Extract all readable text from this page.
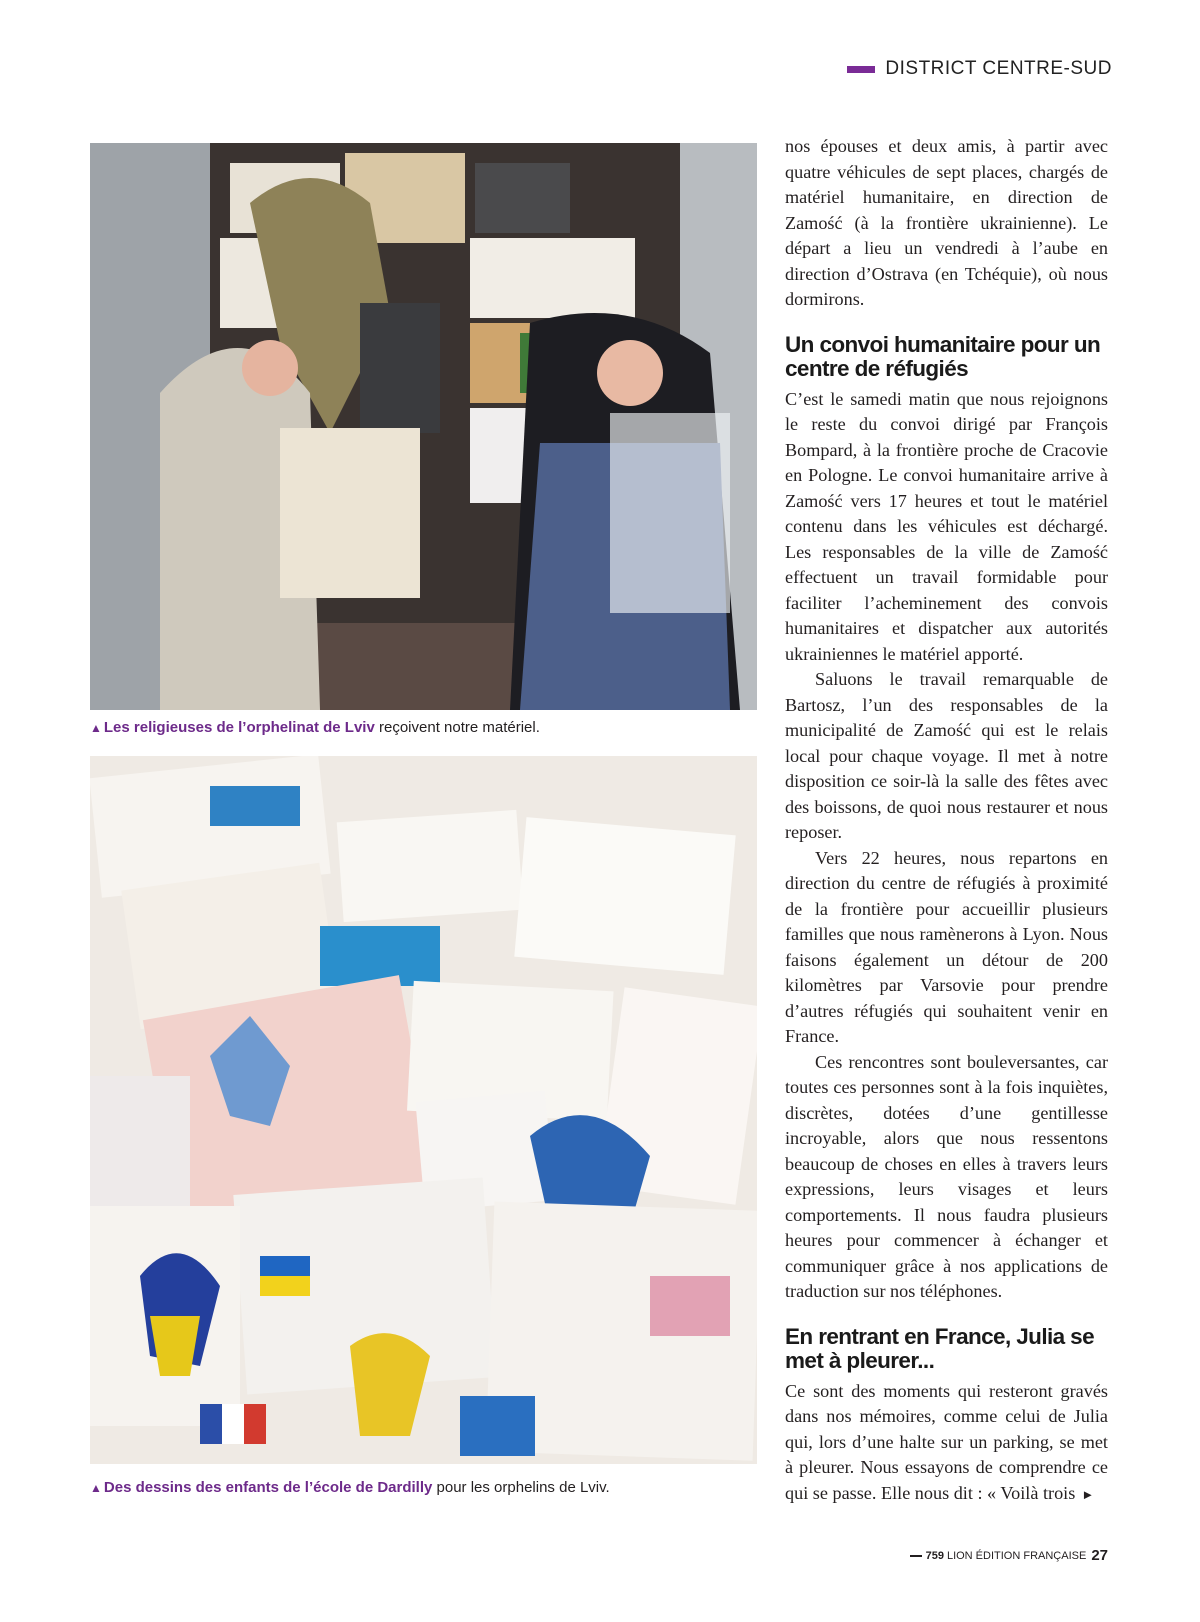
DISTRICT CENTRE-SUD
▲ Les religieuses de l’orphelinat de Lviv reçoivent notre matériel.
▲ Des dessins des enfants de l’école de Dardilly pour les orphelins de Lviv.

nos épouses et deux amis, à partir avec quatre véhicules de sept places, chargés de matériel humanitaire, en direction de Zamość (à la frontière ukrainienne). Le départ a lieu un vendredi à l’aube en direction d’Ostrava (en Tchéquie), où nous dormirons.

Un convoi humanitaire pour un centre de réfugiés

C’est le samedi matin que nous rejoignons le reste du convoi dirigé par François Bompard, à la frontière proche de Cracovie en Pologne. Le convoi humanitaire arrive à Zamość vers 17 heures et tout le matériel contenu dans les véhicules est déchargé. Les responsables de la ville de Zamość effectuent un travail formidable pour faciliter l’acheminement des convois humanitaires et dispatcher aux autorités ukrainiennes le matériel apporté.

Saluons le travail remarquable de Bartosz, l’un des responsables de la municipalité de Zamość qui est le relais local pour chaque voyage. Il met à notre disposition ce soir-là la salle des fêtes avec des boissons, de quoi nous restaurer et nous reposer.

Vers 22 heures, nous repartons en direction du centre de réfugiés à proximité de la frontière pour accueillir plusieurs familles que nous ramènerons à Lyon. Nous faisons également un détour de 200 kilomètres par Varsovie pour prendre d’autres réfugiés qui souhaitent venir en France.

Ces rencontres sont bouleversantes, car toutes ces personnes sont à la fois inquiètes, discrètes, dotées d’une gentillesse incroyable, alors que nous ressentons beaucoup de choses en elles à travers leurs expressions, leurs visages et leurs comportements. Il nous faudra plusieurs heures pour commencer à échanger et communiquer grâce à nos applications de traduction sur nos téléphones.

En rentrant en France, Julia se met à pleurer...

Ce sont des moments qui resteront gravés dans nos mémoires, comme celui de Julia qui, lors d’une halte sur un parking, se met à pleurer. Nous essayons de comprendre ce qui se passe. Elle nous dit : « Voilà trois ►

759 LION ÉDITION FRANÇAISE 27
